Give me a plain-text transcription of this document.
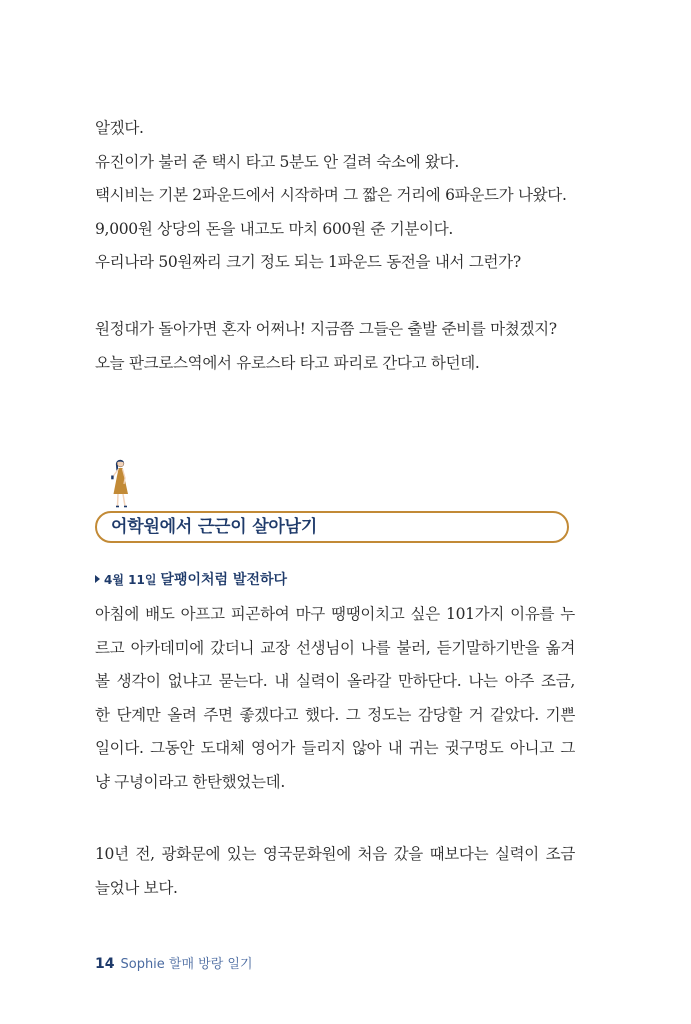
알겠다.
유진이가 불러 준 택시 타고 5분도 안 걸려 숙소에 왔다.
택시비는 기본 2파운드에서 시작하며 그 짧은 거리에 6파운드가 나왔다.
9,000원 상당의 돈을 내고도 마치 600원 준 기분이다.
우리나라 50원짜리 크기 정도 되는 1파운드 동전을 내서 그런가?
원정대가 돌아가면 혼자 어쩌나! 지금쯤 그들은 출발 준비를 마쳤겠지?
오늘 판크로스역에서 유로스타 타고 파리로 간다고 하던데.
어학원에서 근근이 살아남기
4월 11일 달팽이처럼 발전하다
아침에 배도 아프고 피곤하여 마구 땡땡이치고 싶은 101가지 이유를 누
르고 아카데미에 갔더니 교장 선생님이 나를 불러, 듣기말하기반을 옮겨
볼 생각이 없냐고 묻는다. 내 실력이 올라갈 만하단다. 나는 아주 조금,
한 단계만 올려 주면 좋겠다고 했다. 그 정도는 감당할 거 같았다. 기쁜
일이다. 그동안 도대체 영어가 들리지 않아 내 귀는 귓구멍도 아니고 그
냥 구녕이라고 한탄했었는데.
10년 전, 광화문에 있는 영국문화원에 처음 갔을 때보다는 실력이 조금
늘었나 보다.
14 Sophie 할매 방랑 일기
